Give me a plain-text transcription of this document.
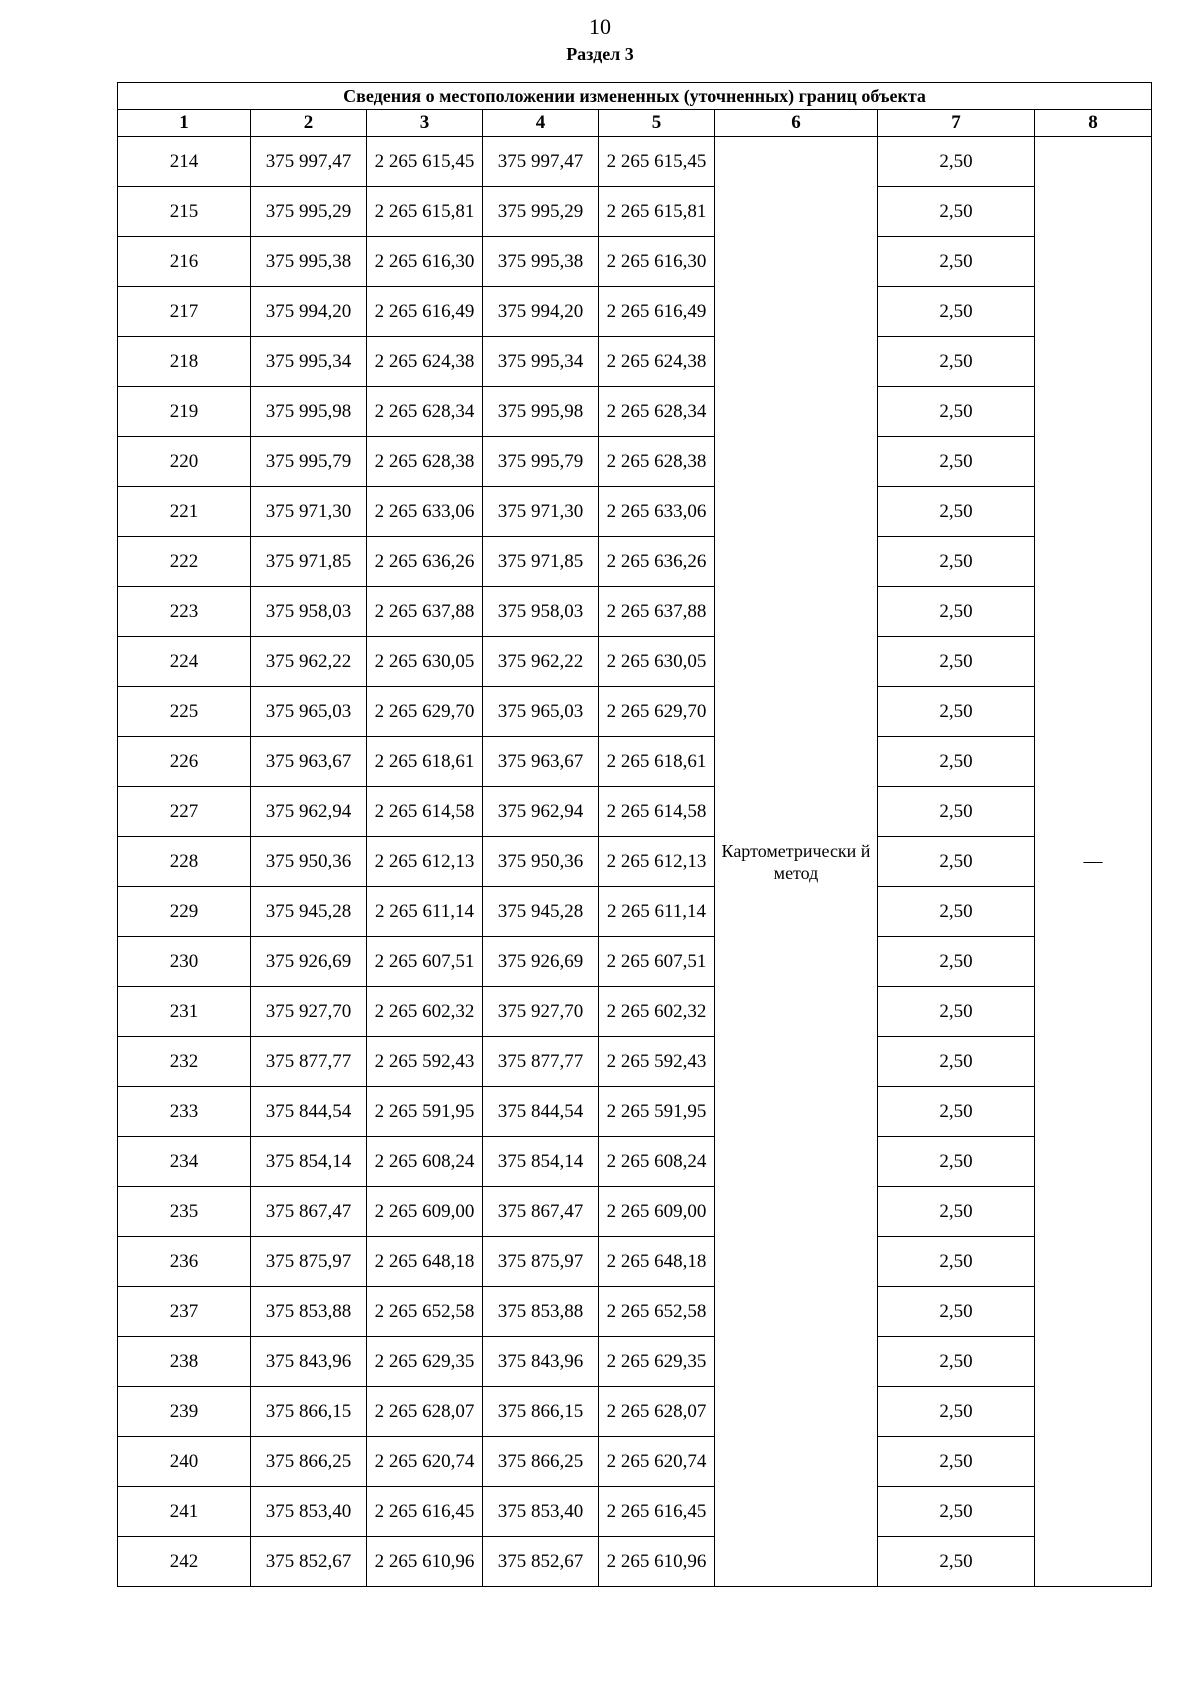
10
Раздел 3
Сведения о местоположении измененных (уточненных) границ объекта							
1	2	3	4	5	6	7	8
214	375 997,47	2 265 615,45	375 997,47	2 265 615,45	Картометрически й метод	2,50	—
215	375 995,29	2 265 615,81	375 995,29	2 265 615,81		2,50	
216	375 995,38	2 265 616,30	375 995,38	2 265 616,30		2,50	
217	375 994,20	2 265 616,49	375 994,20	2 265 616,49		2,50	
218	375 995,34	2 265 624,38	375 995,34	2 265 624,38		2,50	
219	375 995,98	2 265 628,34	375 995,98	2 265 628,34		2,50	
220	375 995,79	2 265 628,38	375 995,79	2 265 628,38		2,50	
221	375 971,30	2 265 633,06	375 971,30	2 265 633,06		2,50	
222	375 971,85	2 265 636,26	375 971,85	2 265 636,26		2,50	
223	375 958,03	2 265 637,88	375 958,03	2 265 637,88		2,50	
224	375 962,22	2 265 630,05	375 962,22	2 265 630,05		2,50	
225	375 965,03	2 265 629,70	375 965,03	2 265 629,70		2,50	
226	375 963,67	2 265 618,61	375 963,67	2 265 618,61		2,50	
227	375 962,94	2 265 614,58	375 962,94	2 265 614,58		2,50	
228	375 950,36	2 265 612,13	375 950,36	2 265 612,13		2,50	
229	375 945,28	2 265 611,14	375 945,28	2 265 611,14		2,50	
230	375 926,69	2 265 607,51	375 926,69	2 265 607,51		2,50	
231	375 927,70	2 265 602,32	375 927,70	2 265 602,32		2,50	
232	375 877,77	2 265 592,43	375 877,77	2 265 592,43		2,50	
233	375 844,54	2 265 591,95	375 844,54	2 265 591,95		2,50	
234	375 854,14	2 265 608,24	375 854,14	2 265 608,24		2,50	
235	375 867,47	2 265 609,00	375 867,47	2 265 609,00		2,50	
236	375 875,97	2 265 648,18	375 875,97	2 265 648,18		2,50	
237	375 853,88	2 265 652,58	375 853,88	2 265 652,58		2,50	
238	375 843,96	2 265 629,35	375 843,96	2 265 629,35		2,50	
239	375 866,15	2 265 628,07	375 866,15	2 265 628,07		2,50	
240	375 866,25	2 265 620,74	375 866,25	2 265 620,74		2,50	
241	375 853,40	2 265 616,45	375 853,40	2 265 616,45		2,50	
242	375 852,67	2 265 610,96	375 852,67	2 265 610,96		2,50	
